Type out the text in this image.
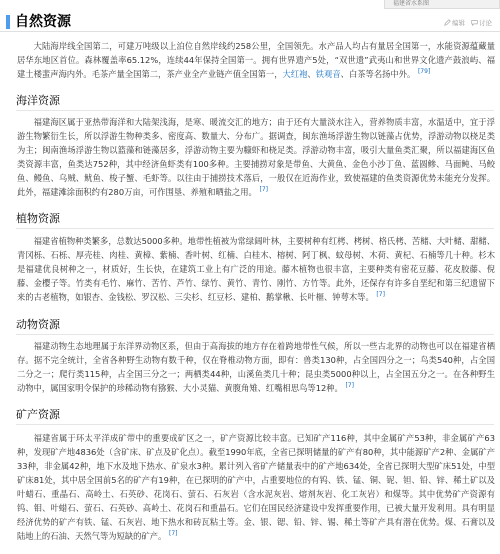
福建省水系图
自然资源	编辑 讨论

大陆海岸线全国第二，可建万吨级以上泊位自然岸线约258公里，全国领先。水产品人均占有量居全国第一，水能资源蕴藏量居华东地区首位。森林覆盖率65.12%，连续44年保持全国第一。拥有世界遗产5处，“双世遗”武夷山和世界文化遗产鼓浪屿、福建土楼蜚声海内外。毛茶产量全国第二，茶产业全产业链产值全国第一，大红袍、铁观音、白茶等名扬中外。 [79]

海洋资源

福建海区属于亚热带海洋和大陆架浅海，是寒、暖流交汇的地方；由于还有大量淡水注入，营养物质丰富，水温适中，宜于浮游生物繁衍生长，所以浮游生物种类多、密度高、数量大、分布广。据调查，闽东渔场浮游生物以链藻占优势，浮游动物以桡足类为主；闽南渔场浮游生物以篮藻和链藻居多，浮游动物主要为糠虾和桡足类。浮游动物丰富，吸引大量鱼类汇聚，所以福建海区鱼类资源丰富，鱼类达752种，其中经济鱼虾类有100多种。主要捕捞对象是带鱼、大黄鱼、金色小沙丁鱼、蓝圆鲹、马面鲀、马鲛鱼、鳗鱼、乌贼、鱿鱼、梭子蟹、毛虾等。以往由于捕捞技术落后，一般仅在近海作业，致使福建的鱼类资源优势未能充分发挥。此外，福建滩涂面积约有280万亩，可作围垦、养殖和晒盐之用。 [7]

植物资源

福建省植物种类繁多，总数达5000多种。地带性植被为常绿阔叶林，主要树种有红栲、栲树、格氏栲、苦槠、大叶槠、甜槠、青冈栎、石栎、厚壳桂、肉桂、黄樟、紫楠、香叶树、红楠、白桂木、榕树、阿丁枫、蚊母树、木荷、黄杞、石楠等几十种。杉木是福建优良树种之一，材质好，生长快，在建筑工业上有广泛的用途。藤木植物也很丰富，主要种类有密花豆藤、花皮胶藤、倪藤、金樱子等。竹类有毛竹、麻竹、苦竹、芦竹、绿竹、黄竹、青竹、刚竹、方竹等。此外，还保存有许多自垩纪和第三纪遗留下来的古老植物，如银杏、金钱松、罗汉松、三尖杉、红豆杉、建柏、鹅掌楸、长叶榧、钟萼木等。 [7]

动物资源

福建动物生态地理属于东洋界动物区系，但由于高海拔的地方存在着跨地带性气候，所以一些古北界的动物也可以在福建省栖存。据不完全统计，全省各种野生动物有数千种，仅在脊椎动物方面，即有：兽类130种，占全国四分之一；鸟类540种，占全国二分之一；爬行类115种，占全国三分之一；两栖类44种，山溪鱼类几十种；昆虫类5000种以上，占全国五分之一。在各种野生动物中，属国家明令保护的珍稀动物有猕猴、大小灵猫、黄腹角雉、红嘴相思鸟等12种。 [7]

矿产资源

福建省属于环太平洋成矿带中的重要成矿区之一，矿产资源比较丰富。已知矿产116种，其中金属矿产53种，非金属矿产63种，发现矿产地4836处（含矿床、矿点及矿化点）。截至1990年底，全省已探明储量的矿产有80种，其中能源矿产2种、金属矿产33种，非金属42种，地下水及地下热水、矿泉水3种。累计列入省矿产储量表中的矿产地634处，全省已探明大型矿床51处，中型矿床81处，其中居全国前5名的矿产有19种，在已探明的矿产中，占重要地位的有钨、铁、锰、铜、铌、钽、铅、锌、稀土矿以及叶蜡石、重晶石、高岭土、石英砂、花岗石、萤石、石灰岩（含水泥灰岩、熔剂灰岩、化工灰岩）和煤等。其中优势矿产资源有钨、钼、叶蜡石、萤石、石英砂、高岭土、花岗石和重晶石。它们在国民经济建设中发挥重要作用，已被大量开发利用。具有明显经济优势的矿产有铁、锰、石灰岩、地下热水和砖瓦粘土等。金、银、锶、铅、锌、锡、稀土等矿产具有潜在优势。煤、石膏以及陆地上的石油、天然气等为短缺的矿产。 [7]
